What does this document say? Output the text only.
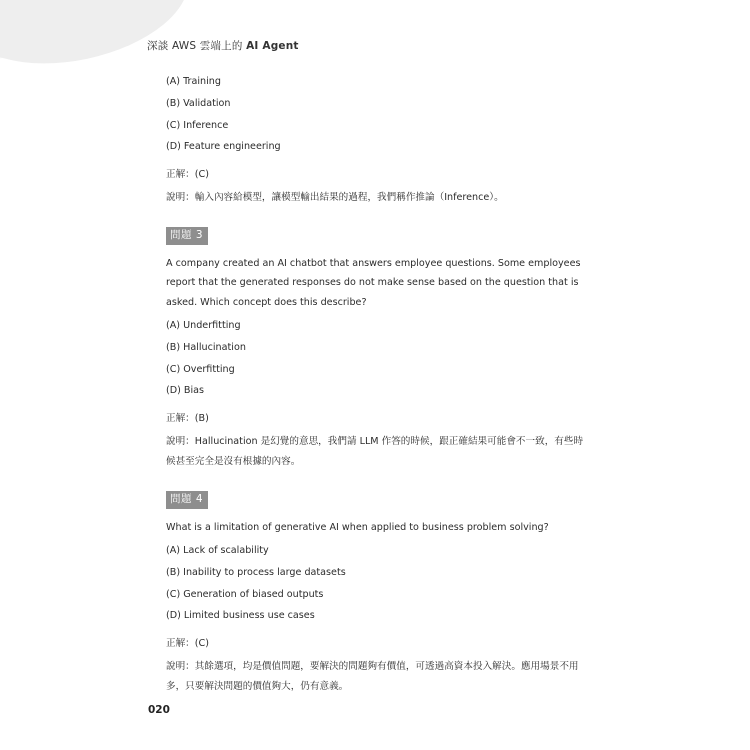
深談 AWS 雲端上的 AI Agent
(A) Training
(B) Validation
(C) Inference
(D) Feature engineering
正解：(C)
說明：輸入內容給模型，讓模型輸出結果的過程，我們稱作推論（Inference）。
問題 3
A company created an AI chatbot that answers employee questions. Some employees report that the generated responses do not make sense based on the question that is asked. Which concept does this describe?
(A) Underfitting
(B) Hallucination
(C) Overfitting
(D) Bias
正解：(B)
說明：Hallucination 是幻覺的意思，我們請 LLM 作答的時候，跟正確結果可能會不一致，有些時候甚至完全是沒有根據的內容。
問題 4
What is a limitation of generative AI when applied to business problem solving?
(A) Lack of scalability
(B) Inability to process large datasets
(C) Generation of biased outputs
(D) Limited business use cases
正解：(C)
說明：其餘選項，均是價值問題，要解決的問題夠有價值，可透過高資本投入解決。應用場景不用多，只要解決問題的價值夠大，仍有意義。
020
